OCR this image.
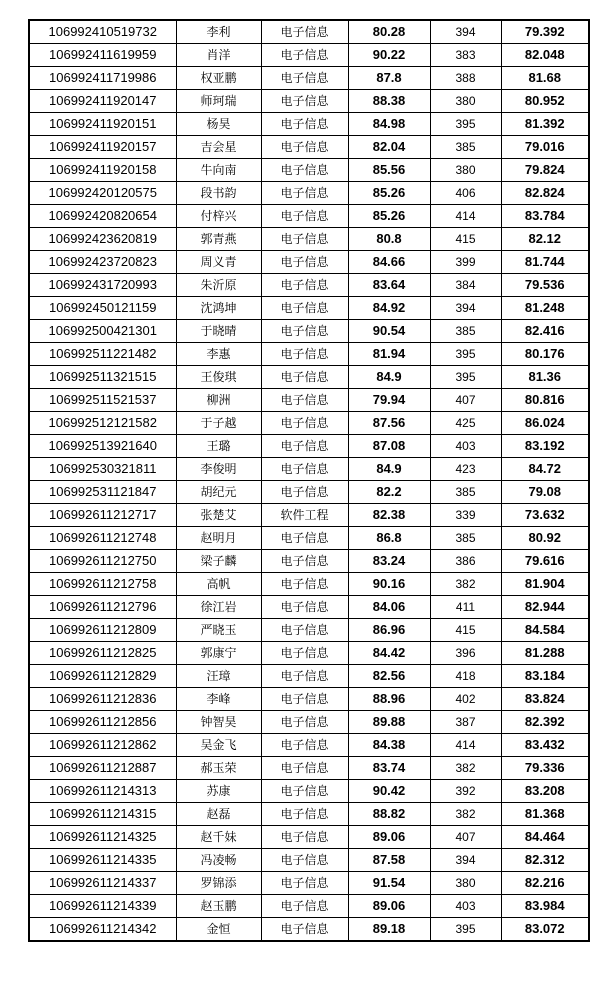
106992410519732	李利	电子信息	80.28	394	79.392
106992411619959	肖洋	电子信息	90.22	383	82.048
106992411719986	权亚鹏	电子信息	87.8	388	81.68
106992411920147	师珂瑞	电子信息	88.38	380	80.952
106992411920151	杨昊	电子信息	84.98	395	81.392
106992411920157	吉会星	电子信息	82.04	385	79.016
106992411920158	牛向南	电子信息	85.56	380	79.824
106992420120575	段书韵	电子信息	85.26	406	82.824
106992420820654	付梓兴	电子信息	85.26	414	83.784
106992423620819	郭青燕	电子信息	80.8	415	82.12
106992423720823	周义青	电子信息	84.66	399	81.744
106992431720993	朱沂原	电子信息	83.64	384	79.536
106992450121159	沈鸿坤	电子信息	84.92	394	81.248
106992500421301	于晓晴	电子信息	90.54	385	82.416
106992511221482	李惠	电子信息	81.94	395	80.176
106992511321515	王俊琪	电子信息	84.9	395	81.36
106992511521537	柳洲	电子信息	79.94	407	80.816
106992512121582	于子越	电子信息	87.56	425	86.024
106992513921640	王璐	电子信息	87.08	403	83.192
106992530321811	李俊明	电子信息	84.9	423	84.72
106992531121847	胡纪元	电子信息	82.2	385	79.08
106992611212717	张楚艾	软件工程	82.38	339	73.632
106992611212748	赵明月	电子信息	86.8	385	80.92
106992611212750	梁子麟	电子信息	83.24	386	79.616
106992611212758	高帆	电子信息	90.16	382	81.904
106992611212796	徐江岩	电子信息	84.06	411	82.944
106992611212809	严晓玉	电子信息	86.96	415	84.584
106992611212825	郭康宁	电子信息	84.42	396	81.288
106992611212829	汪璋	电子信息	82.56	418	83.184
106992611212836	李峰	电子信息	88.96	402	83.824
106992611212856	钟智昊	电子信息	89.88	387	82.392
106992611212862	吴金飞	电子信息	84.38	414	83.432
106992611212887	郝玉荣	电子信息	83.74	382	79.336
106992611214313	苏康	电子信息	90.42	392	83.208
106992611214315	赵磊	电子信息	88.82	382	81.368
106992611214325	赵千妹	电子信息	89.06	407	84.464
106992611214335	冯凌畅	电子信息	87.58	394	82.312
106992611214337	罗锦添	电子信息	91.54	380	82.216
106992611214339	赵玉鹏	电子信息	89.06	403	83.984
106992611214342	金恒	电子信息	89.18	395	83.072
